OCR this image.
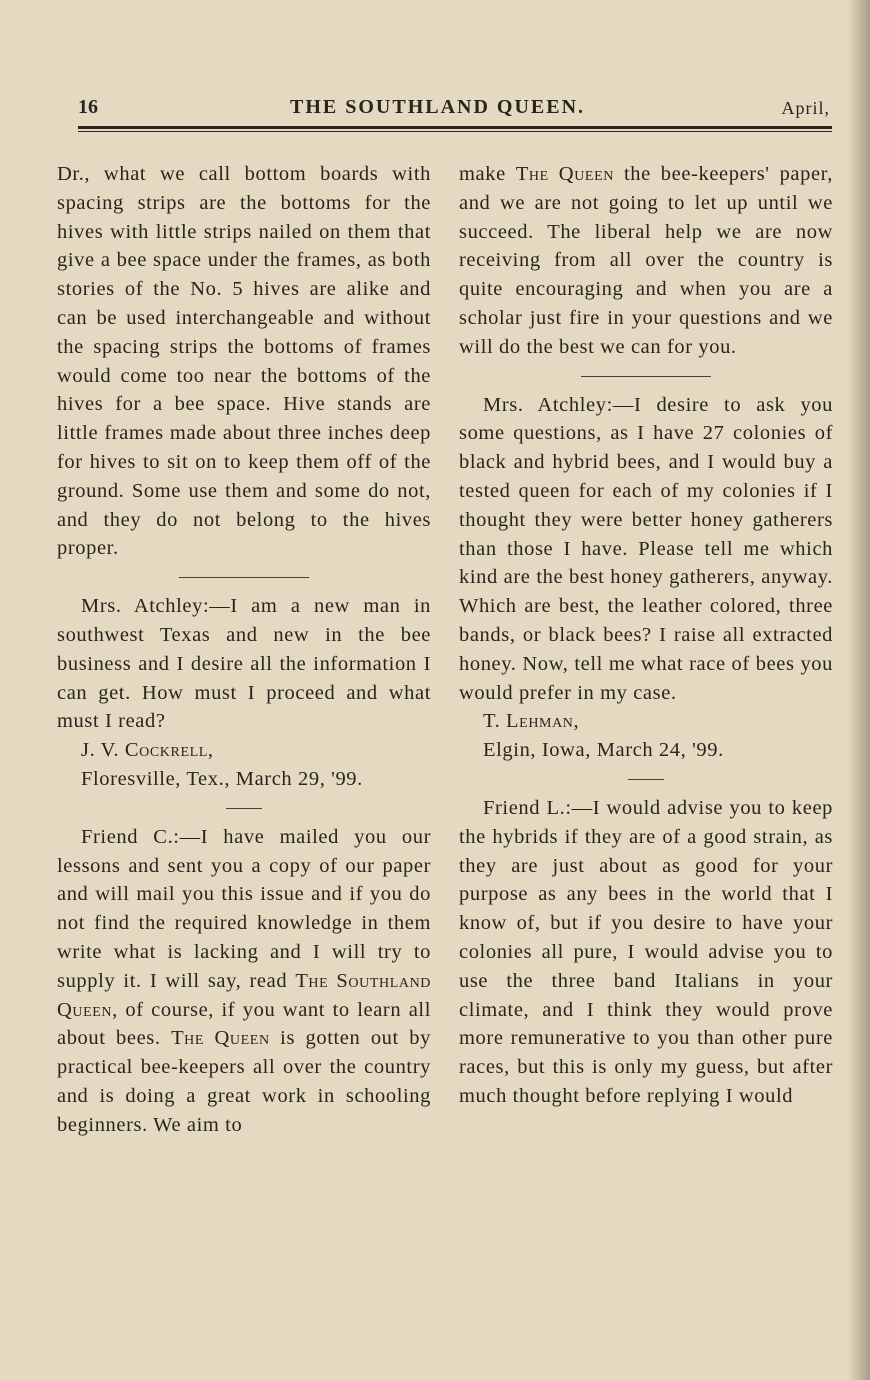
16	THE SOUTHLAND QUEEN.	April,

Dr., what we call bottom boards with spacing strips are the bottoms for the hives with little strips nailed on them that give a bee space under the frames, as both stories of the No. 5 hives are alike and can be used interchangeable and without the spacing strips the bottoms of frames would come too near the bottoms of the hives for a bee space. Hive stands are little frames made about three inches deep for hives to sit on to keep them off of the ground. Some use them and some do not, and they do not belong to the hives proper.

Mrs. Atchley:—I am a new man in southwest Texas and new in the bee business and I desire all the information I can get. How must I proceed and what must I read?

J. V. Cockrell,

Floresville, Tex., March 29, '99.

Friend C.:—I have mailed you our lessons and sent you a copy of our paper and will mail you this issue and if you do not find the required knowledge in them write what is lacking and I will try to supply it. I will say, read The Southland Queen, of course, if you want to learn all about bees. The Queen is gotten out by practical bee-keepers all over the country and is doing a great work in schooling beginners. We aim to

make The Queen the bee-keepers' paper, and we are not going to let up until we succeed. The liberal help we are now receiving from all over the country is quite encouraging and when you are a scholar just fire in your questions and we will do the best we can for you.

Mrs. Atchley:—I desire to ask you some questions, as I have 27 colonies of black and hybrid bees, and I would buy a tested queen for each of my colonies if I thought they were better honey gatherers than those I have. Please tell me which kind are the best honey gatherers, anyway. Which are best, the leather colored, three bands, or black bees? I raise all extracted honey. Now, tell me what race of bees you would prefer in my case.

T. Lehman,

Elgin, Iowa, March 24, '99.

Friend L.:—I would advise you to keep the hybrids if they are of a good strain, as they are just about as good for your purpose as any bees in the world that I know of, but if you desire to have your colonies all pure, I would advise you to use the three band Italians in your climate, and I think they would prove more remunerative to you than other pure races, but this is only my guess, but after much thought before replying I would
